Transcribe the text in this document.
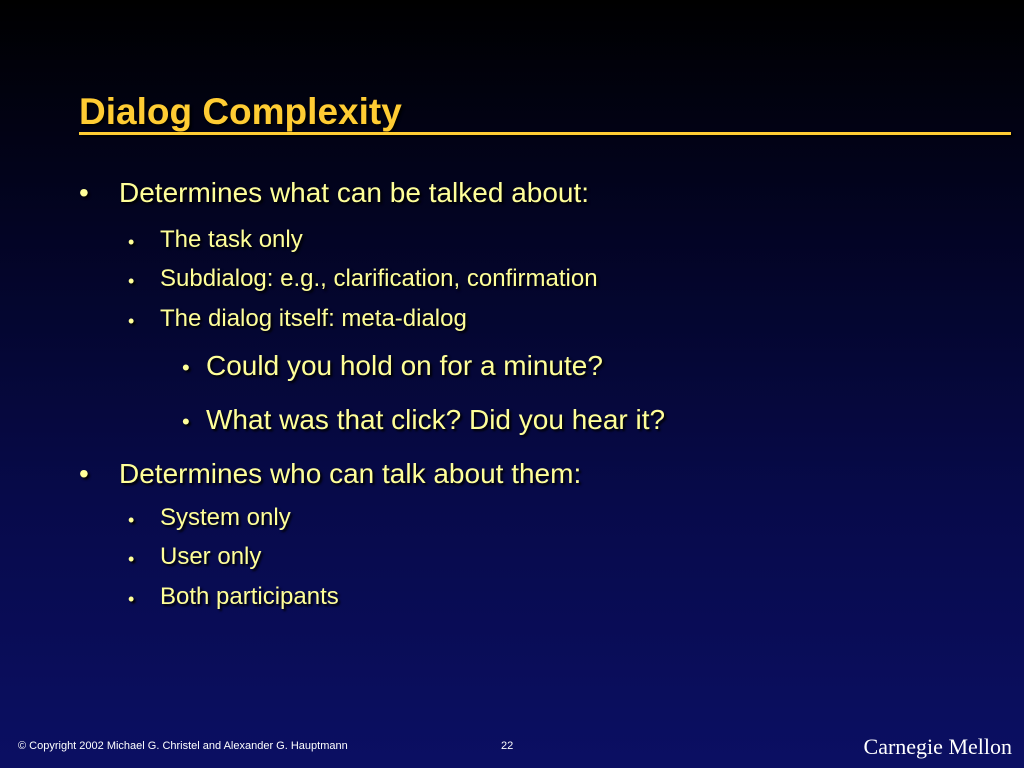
Dialog Complexity
• Determines what can be talked about:
• The task only
• Subdialog: e.g., clarification, confirmation
• The dialog itself: meta-dialog
• Could you hold on for a minute?
• What was that click? Did you hear it?
• Determines who can talk about them:
• System only
• User only
• Both participants
© Copyright 2002 Michael G. Christel and Alexander G. Hauptmann	22	Carnegie Mellon
